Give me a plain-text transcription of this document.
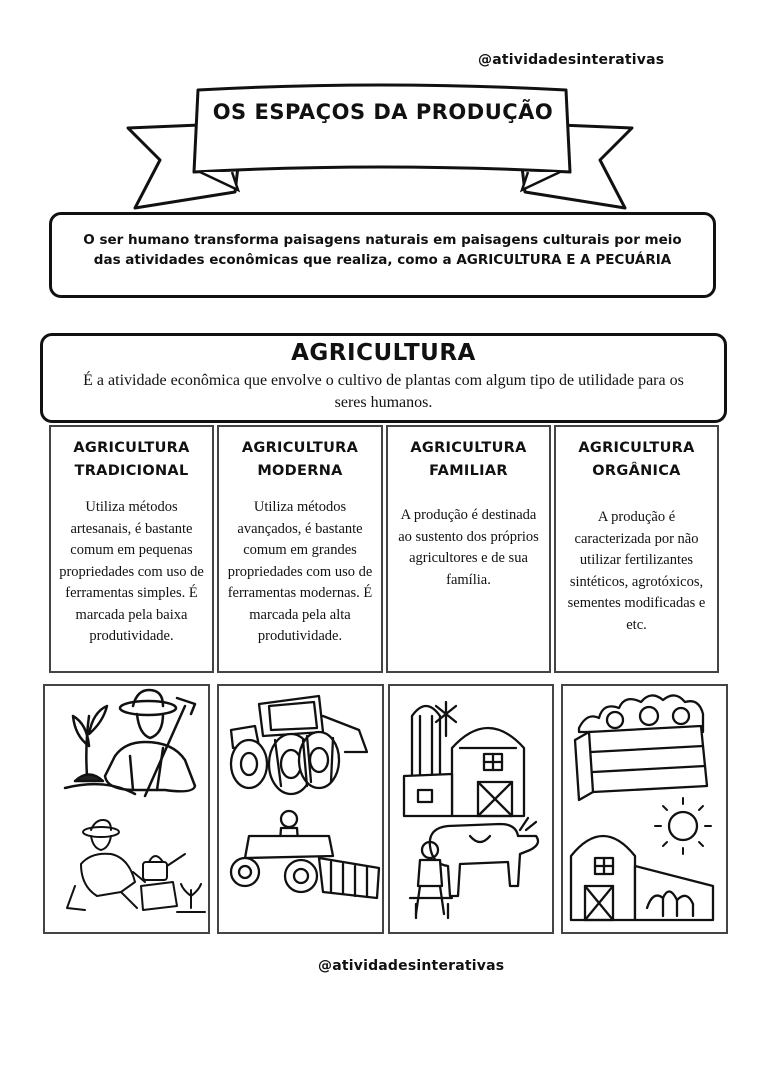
@atividadesinterativas
OS ESPAÇOS DA PRODUÇÃO
O ser humano transforma paisagens naturais em paisagens culturais por meio das atividades econômicas que realiza, como a AGRICULTURA E A PECUÁRIA
AGRICULTURA
É a atividade econômica que envolve o cultivo de plantas com algum tipo de utilidade para os seres humanos.
AGRICULTURA
TRADICIONAL
Utiliza métodos artesanais, é bastante comum em pequenas propriedades com uso de ferramentas simples. É marcada pela baixa produtividade.
AGRICULTURA
MODERNA
Utiliza métodos avançados, é bastante comum em grandes propriedades com uso de ferramentas modernas. É marcada pela alta produtividade.
AGRICULTURA
FAMILIAR
A produção é destinada ao sustento dos próprios agricultores e de sua família.
AGRICULTURA
ORGÂNICA
A produção é caracterizada por não utilizar fertilizantes sintéticos, agrotóxicos, sementes modificadas e etc.
@atividadesinterativas
